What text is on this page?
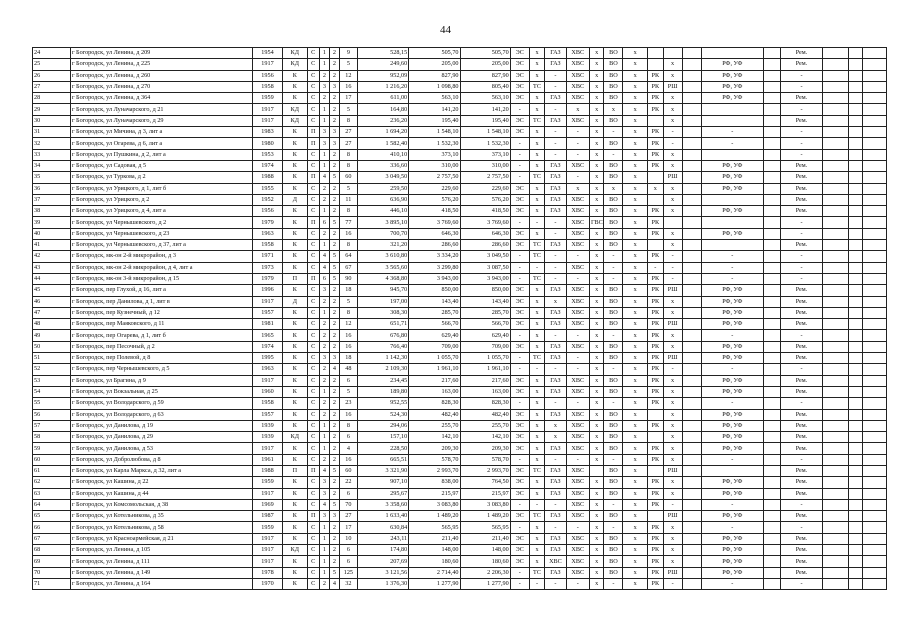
44
24	г Богородск, ул Ленина, д 209	1954	КД	С	1	2	9	528,15	505,70	505,70	ЭС	х	ГАЗ	ХВС	х	ВО	х						Рем.			
25	г Богородск, ул Ленина, д 225	1917	КД	С	1	2	5	249,60	205,00	205,00	ЭС	х	ГАЗ	ХВС	х	ВО	х		х		РФ, УФ		Рем.			
26	г Богородск, ул Ленина, д 260	1956	К	С	2	2	12	952,09	827,90	827,90	ЭС	х	-	ХВС	х	ВО	х	РК	х		РФ, УФ		-			
27	г Богородск, ул Ленина, д 270	1958	К	С	3	3	16	1 216,20	1 098,80	805,40	ЭС	ТС	-	ХВС	х	ВО	х	РК	РШ		РФ, УФ		-			
28	г Богородск, ул Ленина, д 364	1959	К	С	2	2	17	611,00	563,10	563,10	ЭС	х	ГАЗ	ХВС	х	ВО	х	РК	х		РФ, УФ		Рем.			
29	г Богородск, ул Луначарского, д 21	1917	КД	С	1	2	5	164,80	141,20	141,20	-	х	-	х	х	х	х	РК	х				-			
30	г Богородск, ул Луначарского, д 29	1917	КД	С	1	2	8	236,20	195,40	195,40	ЭС	ТС	ГАЗ	ХВС	х	ВО	х		х				Рем.			
31	г Богородск, ул Мичина, д 3, лит а	1983	К	П	3	3	27	1 694,20	1 548,10	1 548,10	ЭС	х	-	-	х	-	х	РК	-		-		-			
32	г Богородск, ул Огарева, д 6, лит а	1980	К	П	3	3	27	1 582,40	1 532,30	1 532,30	-	х	-	-	х	ВО	х	РК	-		-		-			
33	г Богородск, ул Пушкина, д 2, лит а	1953	К	С	1	2	8	410,10	373,10	373,10	-	х	-	-	х	-	х	РК	х				-			
34	г Богородск, ул Садовая, д 5	1974	К	С	1	2	8	336,60	310,00	310,00	-	х	ГАЗ	ХВС	х	ВО	х	РК	х		РФ, УФ		Рем.			
35	г Богородск, ул Туркова, д 2	1988	К	П	4	5	60	3 049,50	2 757,50	2 757,50	-	ТС	ГАЗ	-	х	ВО	х		РШ		РФ, УФ		Рем.			
36	г Богородск, ул Урицкого, д 1, лит б	1955	К	С	2	2	5	259,50	229,60	229,60	ЭС	х	ГАЗ	х	х	х	х	х	х		РФ, УФ		Рем.			
37	г Богородск, ул Урицкого, д 2	1952	Д	С	2	2	11	636,90	576,20	576,20	ЭС	х	ГАЗ	ХВС	х	ВО	х		х				Рем.			
38	г Богородск, ул Урицкого, д 4, лит а	1956	К	С	1	2	8	446,10	418,50	418,50	ЭС	х	ГАЗ	ХВС	х	ВО	х	РК	х		РФ, УФ		Рем.			
39	г Богородск, ул Чернышевского, д 2	1979	К	П	6	5	77	3 895,10	3 769,60	3 769,60	-	-	-	ХВС	ГВС	ВО	х	РК					-			
40	г Богородск, ул Чернышевского, д 23	1963	К	С	2	2	16	700,70	646,30	646,30	ЭС	х	-	ХВС	х	ВО	х	РК	х		РФ, УФ		-			
41	г Богородск, ул Чернышевского, д 37, лит а	1958	К	С	1	2	8	321,20	286,60	286,60	ЭС	ТС	ГАЗ	ХВС	х	ВО	х		х				Рем.			
42	г Богородск, мк-он 2-й микрорайон, д 3	1971	К	С	4	5	64	3 610,80	3 334,20	3 049,50	-	ТС	-	-	х	-	х	РК	-		-		-			
43	г Богородск, мк-он 2-й микрорайон, д 4, лит а	1973	К	С	4	5	67	3 565,60	3 299,80	3 087,50	-	-	-	ХВС	х	-	х	-	-		-		-			
44	г Богородск, мк-он 3-й микрорайон, д 15	1979	П	П	6	5	90	4 368,80	3 943,00	3 943,00	-	ТС	-	-	х	-	х	РК	-		-		-			
45	г Богородск, пер Глухой, д 16, лит а	1996	К	С	3	2	18	945,70	850,00	850,00	ЭС	х	ГАЗ	ХВС	х	ВО	х	РК	РШ		РФ, УФ		Рем.			
46	г Богородск, пер Данилова, д 1, лит в	1917	Д	С	2	2	5	197,00	143,40	143,40	ЭС	х	х	ХВС	х	ВО	х	РК	х		РФ, УФ		Рем.			
47	г Богородск, пер Кузнечный, д 12	1957	К	С	1	2	8	308,30	285,70	285,70	ЭС	х	ГАЗ	ХВС	х	ВО	х	РК	х		РФ, УФ		Рем.			
48	г Богородск, пер Маяковского, д 11	1981	К	С	2	2	12	651,71	566,70	566,70	ЭС	х	ГАЗ	ХВС	х	ВО	х	РК	РШ		РФ, УФ		Рем.			
49	г Богородск, пер Огарева, д 1, лит б	1965	К	С	2	2	16	676,80	629,40	629,40	-	х	-	-	х	-	х	РК	х		-		-			
50	г Богородск, пер Песочный, д 2	1974	К	С	2	2	16	766,40	709,00	709,00	ЭС	х	ГАЗ	ХВС	х	ВО	х	РК	х		РФ, УФ		Рем.			
51	г Богородск, пер Полевой, д 8	1995	К	С	3	3	18	1 142,30	1 055,70	1 055,70	-	ТС	ГАЗ	-	х	ВО	х	РК	РШ		РФ, УФ		Рем.			
52	г Богородск, пер Чернышевского, д 5	1963	К	С	2	4	48	2 109,30	1 961,10	1 961,10	-	-	-	-	х	-	х	РК	-		-		-			
53	г Богородск, ул Брагина, д 9	1917	К	С	2	2	6	234,45	217,60	217,60	ЭС	х	ГАЗ	ХВС	х	ВО	х	РК	х		РФ, УФ		Рем.			
54	г Богородск, ул Вокзальная, д 25	1960	К	С	1	2	5	189,80	163,00	163,00	ЭС	х	ГАЗ	ХВС	х	ВО	х	РК	х		РФ, УФ		Рем.			
55	г Богородск, ул Володарского, д 59	1958	К	С	2	2	23	952,55	828,30	828,30	-	х	-	-	х	-	х	РК	х		-		-			
56	г Богородск, ул Володарского, д 63	1957	К	С	2	2	16	524,30	482,40	482,40	ЭС	х	ГАЗ	ХВС	х	ВО	х		х		РФ, УФ		Рем.			
57	г Богородск, ул Данилова, д 19	1939	К	С	1	2	8	294,06	255,70	255,70	ЭС	х	х	ХВС	х	ВО	х	РК	х		РФ, УФ		Рем.			
58	г Богородск, ул Данилова, д 29	1939	КД	С	1	2	6	157,10	142,10	142,10	ЭС	х	х	ХВС	х	ВО	х		х		РФ, УФ		Рем.			
59	г Богородск, ул Данилова, д 53	1917	К	С	1	2	4	228,50	209,30	209,30	ЭС	х	ГАЗ	ХВС	х	ВО	х	РК	х		РФ, УФ		Рем.			
60	г Богородск, ул Добролюбова, д 8	1961	К	С	2	2	16	665,51	578,70	578,70	-	х	-	-	х	-	х	РК	х		-		-			
61	г Богородск, ул Карла Маркса, д 32, лит а	1988	П	П	4	5	60	3 321,90	2 993,70	2 993,70	ЭС	ТС	ГАЗ	ХВС		ВО	х		РШ				Рем.			
62	г Богородск, ул Кашина, д 22	1959	К	С	3	2	22	907,10	838,00	764,50	ЭС	х	ГАЗ	ХВС	х	ВО	х	РК	х		РФ, УФ		Рем.			
63	г Богородск, ул Кашина, д 44	1917	К	С	3	2	6	295,67	215,97	215,97	ЭС	х	ГАЗ	ХВС	х	ВО	х	РК	х		РФ, УФ		Рем.			
64	г Богородск, ул Комсомольская, д 38	1969	К	С	4	5	70	3 358,60	3 083,80	3 083,80	-	-	-	ХВС	х	-	х	РК	-		-		-			
65	г Богородск, ул Котельникова, д 35	1987	К	П	3	3	27	1 633,40	1 489,20	1 489,20	ЭС	ТС	ГАЗ	ХВС	х	ВО	х		РШ		РФ, УФ		Рем.			
66	г Богородск, ул Котельникова, д 58	1959	К	С	1	2	17	630,84	565,95	565,95	-	х	-	-	х	-	х	РК	х		-		-			
67	г Богородск, ул Красноармейская, д 21	1917	К	С	1	2	10	243,11	211,40	211,40	ЭС	х	ГАЗ	ХВС	х	ВО	х	РК	х		РФ, УФ		Рем.			
68	г Богородск, ул Ленина, д 105	1917	КД	С	1	2	6	174,80	148,00	148,00	ЭС	х	ГАЗ	ХВС	х	ВО	х	РК	х		РФ, УФ		Рем.			
69	г Богородск, ул Ленина, д 111	1917	К	С	1	2	6	207,69	180,60	180,60	ЭС	х	ХВС	ХВС	х	ВО	х	РК	х		РФ, УФ		Рем.			
70	г Богородск, ул Ленина, д 149	1978	К	С	1	5	125	3 121,56	2 714,40	2 206,30	-	ТС	ГАЗ	ХВС	х	ВО	х	РК	РШ		РФ, УФ		Рем.			
71	г Богородск, ул Ленина, д 164	1970	К	С	2	4	32	1 376,30	1 277,90	1 277,90	-	-	-	-	х	-	х	РК	-		-		-			
